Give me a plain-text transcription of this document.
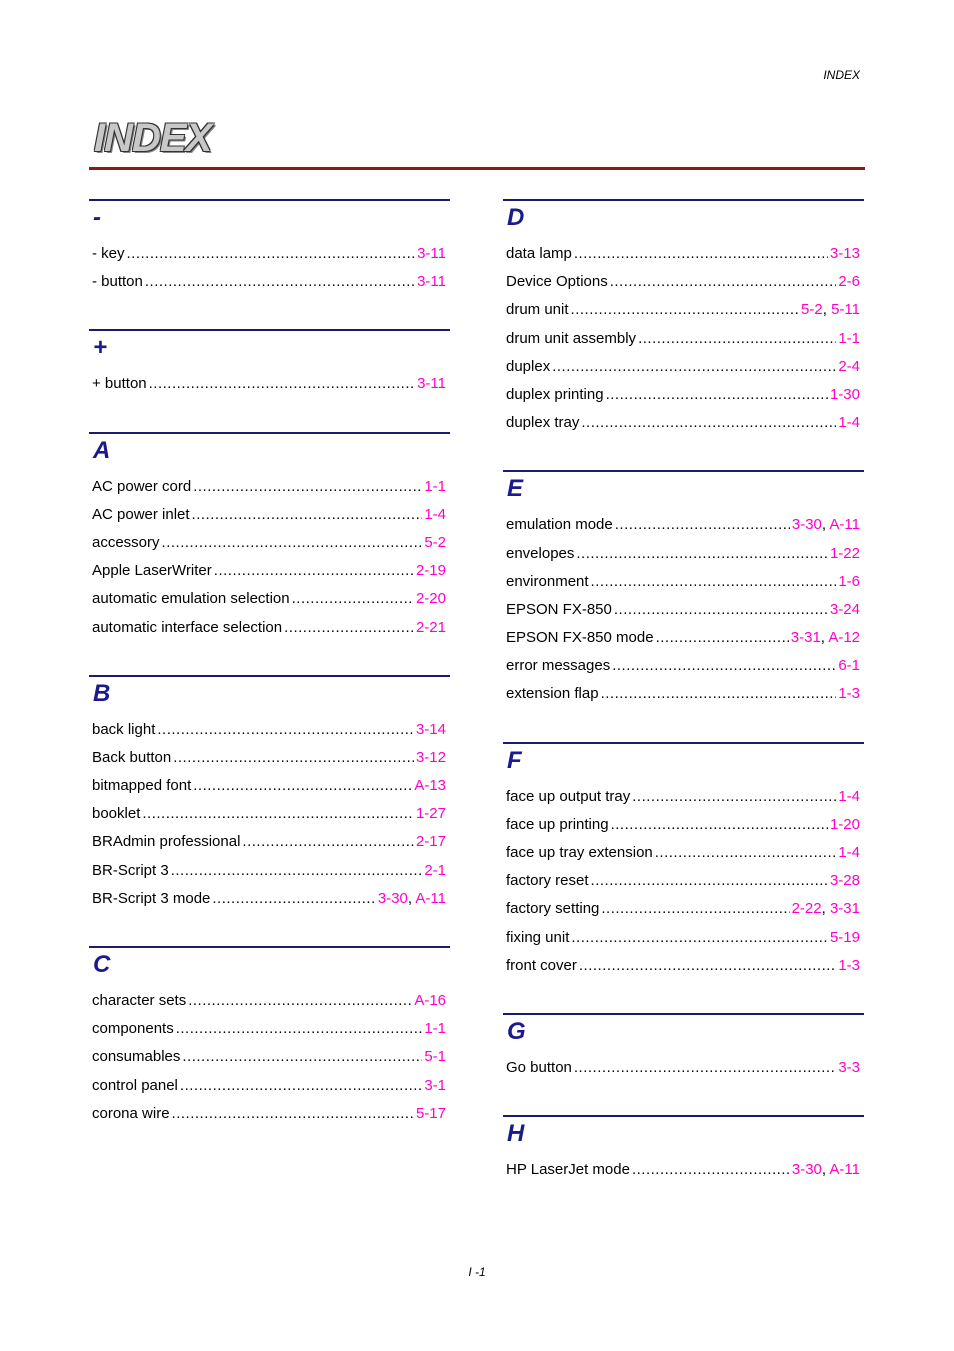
INDEX
INDEX
-
- key .....	3-11
- button .....	3-11
+
+ button .....	3-11
A
AC power cord .....	1-1
AC power inlet .....	1-4
accessory .....	5-2
Apple LaserWriter .....	2-19
automatic emulation selection .....	2-20
automatic interface selection .....	2-21
B
back light .....	3-14
Back button .....	3-12
bitmapped font .....	A-13
booklet .....	1-27
BRAdmin professional .....	2-17
BR-Script 3 .....	2-1
BR-Script 3 mode .....	3-30, A-11
C
character sets .....	A-16
components .....	1-1
consumables .....	5-1
control panel .....	3-1
corona wire .....	5-17
D
data lamp .....	3-13
Device Options .....	2-6
drum unit .....	5-2, 5-11
drum unit assembly .....	1-1
duplex .....	2-4
duplex printing .....	1-30
duplex tray .....	1-4
E
emulation mode .....	3-30, A-11
envelopes .....	1-22
environment .....	1-6
EPSON FX-850 .....	3-24
EPSON FX-850 mode .....	3-31, A-12
error messages .....	6-1
extension flap .....	1-3
F
face up output tray .....	1-4
face up printing .....	1-20
face up tray extension .....	1-4
factory reset .....	3-28
factory setting .....	2-22, 3-31
fixing unit .....	5-19
front cover .....	1-3
G
Go button .....	3-3
H
HP LaserJet mode .....	3-30, A-11
I -1
